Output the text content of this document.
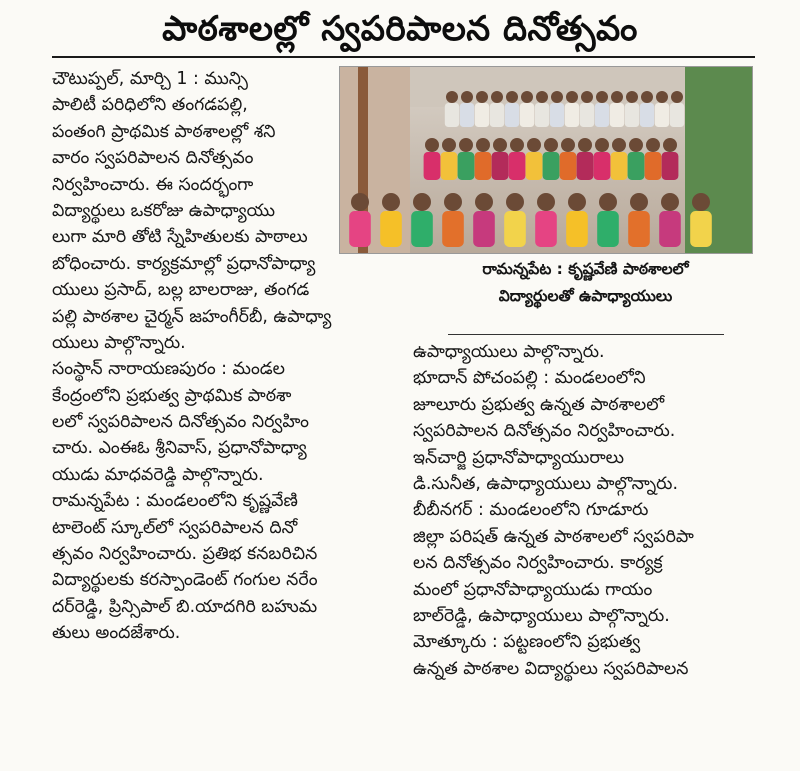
పాఠశాలల్లో స్వపరిపాలన దినోత్సవం
చౌటుప్పల్, మార్చి 1 : మున్సి
పాలిటీ పరిధిలోని తంగడపల్లి,
పంతంగి ప్రాథమిక పాఠశాలల్లో శని
వారం స్వపరిపాలన దినోత్సవం
నిర్వహించారు. ఈ సందర్భంగా
విద్యార్థులు ఒకరోజు ఉపాధ్యాయు
లుగా మారి తోటి స్నేహితులకు పాఠాలు
బోధించారు. కార్యక్రమాల్లో ప్రధానోపాధ్యా
యులు ప్రసాద్, బల్ల బాలరాజు, తంగడ
పల్లి పాఠశాల చైర్మన్ జహంగీర్‌బీ, ఉపాధ్యా
యులు పాల్గొన్నారు.
సంస్థాన్ నారాయణపురం : మండల
కేంద్రంలోని ప్రభుత్వ ప్రాథమిక పాఠశా
లలో స్వపరిపాలన దినోత్సవం నిర్వహిం
చారు. ఎంఈఓ శ్రీనివాస్, ప్రధానోపాధ్యా
యుడు మాధవరెడ్డి పాల్గొన్నారు.
రామన్నపేట : మండలంలోని కృష్ణవేణి
టాలెంట్ స్కూల్‌లో స్వపరిపాలన దినో
త్సవం నిర్వహించారు. ప్రతిభ కనబరిచిన
విద్యార్థులకు కరస్పాండెంట్ గంగుల నరేం
దర్‌రెడ్డి, ప్రిన్సిపాల్ బి.యాదగిరి బహుమ
తులు అందజేశారు.
రామన్నపేట : కృష్ణవేణి పాఠశాలలో
విద్యార్థులతో ఉపాధ్యాయులు
ఉపాధ్యాయులు పాల్గొన్నారు.
భూదాన్ పోచంపల్లి : మండలంలోని
జూలూరు ప్రభుత్వ ఉన్నత పాఠశాలలో
స్వపరిపాలన దినోత్సవం నిర్వహించారు.
ఇన్‌చార్జి ప్రధానోపాధ్యాయురాలు
డి.సునీత, ఉపాధ్యాయులు పాల్గొన్నారు.
బీబీనగర్ : మండలంలోని గూడూరు
జిల్లా పరిషత్ ఉన్నత పాఠశాలలో స్వపరిపా
లన దినోత్సవం నిర్వహించారు. కార్యక్ర
మంలో ప్రధానోపాధ్యాయుడు గాయం
బాల్‌రెడ్డి, ఉపాధ్యాయులు పాల్గొన్నారు.
మోత్కూరు : పట్టణంలోని ప్రభుత్వ
ఉన్నత పాఠశాల విద్యార్థులు స్వపరిపాలన
